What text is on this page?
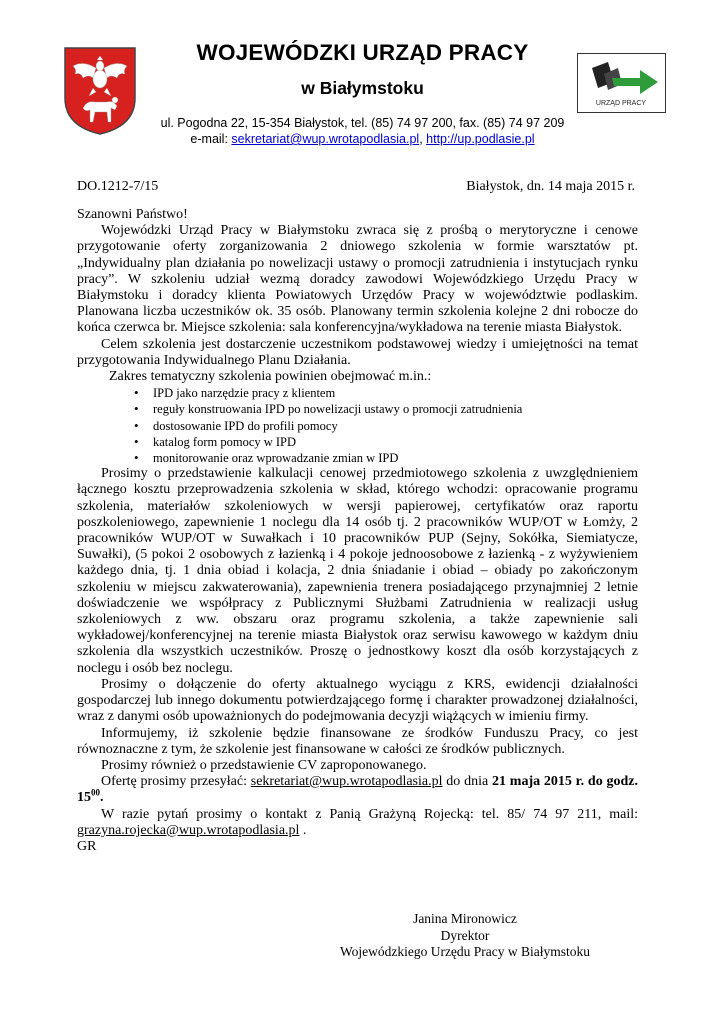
WOJEWÓDZKI URZĄD PRACY
w Białymstoku
ul. Pogodna 22, 15-354 Białystok, tel. (85) 74 97 200, fax. (85) 74 97 209
e-mail: sekretariat@wup.wrotapodlasia.pl, http://up.podlasie.pl
URZĄD PRACY
DO.1212-7/15	Białystok, dn. 14 maja 2015 r.

Szanowni Państwo!

Wojewódzki Urząd Pracy w Białymstoku zwraca się z prośbą o merytoryczne i cenowe przygotowanie oferty zorganizowania 2 dniowego szkolenia w formie warsztatów pt. „Indywidualny plan działania po nowelizacji ustawy o promocji zatrudnienia i instytucjach rynku pracy”. W szkoleniu udział wezmą doradcy zawodowi Wojewódzkiego Urzędu Pracy w Białymstoku i doradcy klienta Powiatowych Urzędów Pracy w województwie podlaskim. Planowana liczba uczestników ok. 35 osób. Planowany termin szkolenia kolejne 2 dni robocze do końca czerwca br. Miejsce szkolenia: sala konferencyjna/wykładowa na terenie miasta Białystok.

Celem szkolenia jest dostarczenie uczestnikom podstawowej wiedzy i umiejętności na temat przygotowania Indywidualnego Planu Działania.

Zakres tematyczny szkolenia powinien obejmować m.in.:

• IPD jako narzędzie pracy z klientem
• reguły konstruowania IPD po nowelizacji ustawy o promocji zatrudnienia
• dostosowanie IPD do profili pomocy
• katalog form pomocy w IPD
• monitorowanie oraz wprowadzanie zmian w IPD

Prosimy o przedstawienie kalkulacji cenowej przedmiotowego szkolenia z uwzględnieniem łącznego kosztu przeprowadzenia szkolenia w skład, którego wchodzi: opracowanie programu szkolenia, materiałów szkoleniowych w wersji papierowej, certyfikatów oraz raportu poszkoleniowego, zapewnienie 1 noclegu dla 14 osób tj. 2 pracowników WUP/OT w Łomży, 2 pracowników WUP/OT w Suwałkach i 10 pracowników PUP (Sejny, Sokółka, Siemiatycze, Suwałki), (5 pokoi 2 osobowych z łazienką i 4 pokoje jednoosobowe z łazienką - z wyżywieniem każdego dnia, tj. 1 dnia obiad i kolacja, 2 dnia śniadanie i obiad – obiady po zakończonym szkoleniu w miejscu zakwaterowania), zapewnienia trenera posiadającego przynajmniej 2 letnie doświadczenie we współpracy z Publicznymi Służbami Zatrudnienia w realizacji usług szkoleniowych z ww. obszaru oraz programu szkolenia, a także zapewnienie sali wykładowej/konferencyjnej na terenie miasta Białystok oraz serwisu kawowego w każdym dniu szkolenia dla wszystkich uczestników. Proszę o jednostkowy koszt dla osób korzystających z noclegu i osób bez noclegu.

Prosimy o dołączenie do oferty aktualnego wyciągu z KRS, ewidencji działalności gospodarczej lub innego dokumentu potwierdzającego formę i charakter prowadzonej działalności, wraz z danymi osób upoważnionych do podejmowania decyzji wiążących w imieniu firmy.

Informujemy, iż szkolenie będzie finansowane ze środków Funduszu Pracy, co jest równoznaczne z tym, że szkolenie jest finansowane w całości ze środków publicznych.

Prosimy również o przedstawienie CV zaproponowanego.

Ofertę prosimy przesyłać: sekretariat@wup.wrotapodlasia.pl do dnia 21 maja 2015 r. do godz. $15^{00}$.

W razie pytań prosimy o kontakt z Panią Grażyną Rojecką: tel. 85/ 74 97 211, mail: grazyna.rojecka@wup.wrotapodlasia.pl .

GR

Janina Mironowicz
Dyrektor
Wojewódzkiego Urzędu Pracy w Białymstoku
